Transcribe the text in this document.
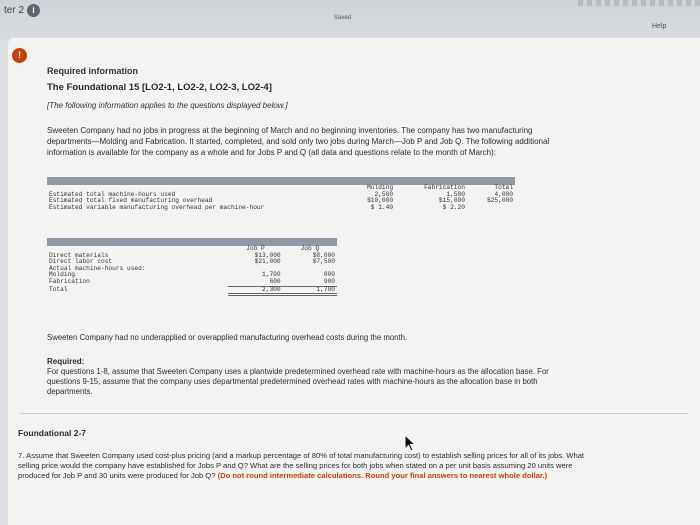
ter 2 i
Saved
Help
!
Required information
The Foundational 15 [LO2-1, LO2-2, LO2-3, LO2-4]
[The following information applies to the questions displayed below.]
Sweeten Company had no jobs in progress at the beginning of March and no beginning inventories. The company has two manufacturing departments—Molding and Fabrication. It started, completed, and sold only two jobs during March—Job P and Job Q. The following additional information is available for the company as a whole and for Jobs P and Q (all data and questions relate to the month of March):
	Molding	Fabrication	Total
Estimated total machine-hours used	2,500	1,500	4,000
Estimated total fixed manufacturing overhead	$10,000	$15,000	$25,000
Estimated variable manufacturing overhead per machine-hour	$ 1.40	$ 2.20	
	Job P	Job Q
Direct materials	$13,000	$8,000
Direct labor cost	$21,000	$7,500
Actual machine-hours used:		
Molding	1,700	800
Fabrication	600	900
Total	2,300	1,700
Sweeten Company had no underapplied or overapplied manufacturing overhead costs during the month.
Required:
For questions 1-8, assume that Sweeten Company uses a plantwide predetermined overhead rate with machine-hours as the allocation base. For questions 9-15, assume that the company uses departmental predetermined overhead rates with machine-hours as the allocation base in both departments.
Foundational 2-7
7. Assume that Sweeten Company used cost-plus pricing (and a markup percentage of 80% of total manufacturing cost) to establish selling prices for all of its jobs. What selling price would the company have established for Jobs P and Q? What are the selling prices for both jobs when stated on a per unit basis assuming 20 units were produced for Job P and 30 units were produced for Job Q? (Do not round intermediate calculations. Round your final answers to nearest whole dollar.)
